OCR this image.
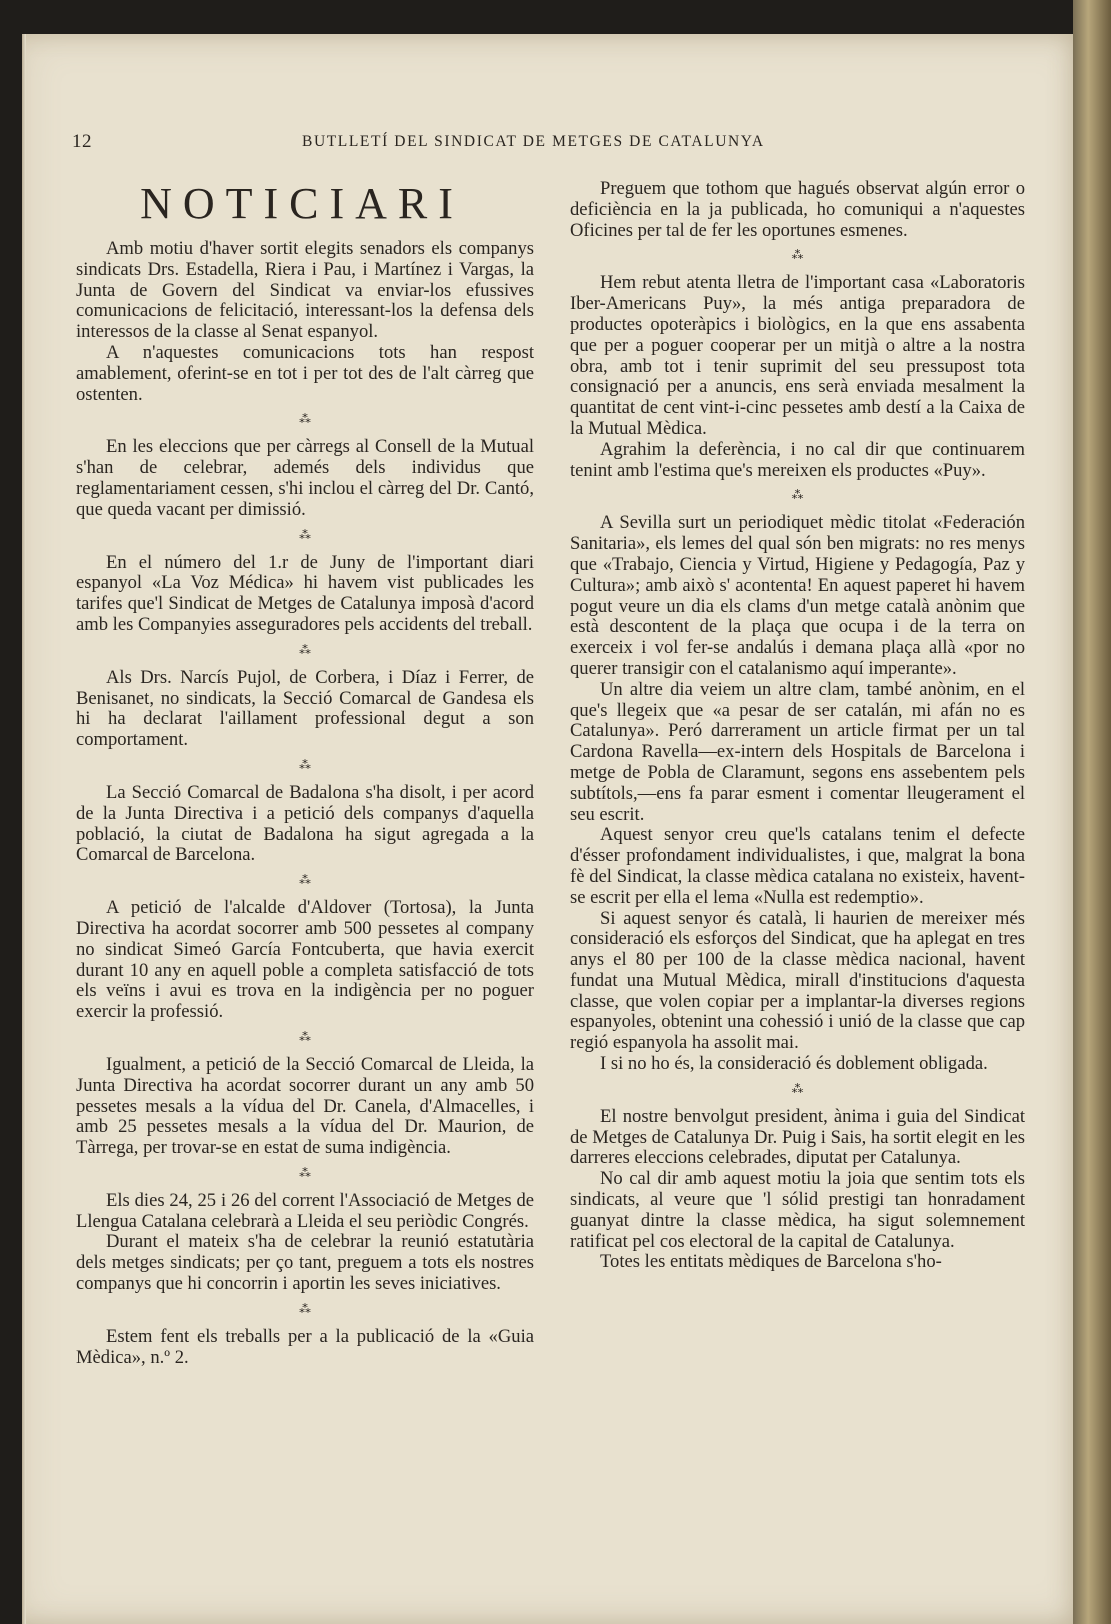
12	BUTLLETÍ DEL SINDICAT DE METGES DE CATALUNYA
NOTICIARI

Amb motiu d'haver sortit elegits senadors els companys sindicats Drs. Estadella, Riera i Pau, i Martínez i Vargas, la Junta de Govern del Sindicat va enviar-los efussives comunicacions de felicitació, interessant-los la defensa dels interessos de la classe al Senat espanyol.

A n'aquestes comunicacions tots han respost amablement, oferint-se en tot i per tot des de l'alt càrreg que ostenten.

⁂

En les eleccions que per càrregs al Consell de la Mutual s'han de celebrar, ademés dels individus que reglamentariament cessen, s'hi inclou el càrreg del Dr. Cantó, que queda vacant per dimissió.

⁂

En el número del 1.r de Juny de l'important diari espanyol «La Voz Médica» hi havem vist publicades les tarifes que'l Sindicat de Metges de Catalunya imposà d'acord amb les Companyies asseguradores pels accidents del treball.

⁂

Als Drs. Narcís Pujol, de Corbera, i Díaz i Ferrer, de Benisanet, no sindicats, la Secció Comarcal de Gandesa els hi ha declarat l'aillament professional degut a son comportament.

⁂

La Secció Comarcal de Badalona s'ha disolt, i per acord de la Junta Directiva i a petició dels companys d'aquella població, la ciutat de Badalona ha sigut agregada a la Comarcal de Barcelona.

⁂

A petició de l'alcalde d'Aldover (Tortosa), la Junta Directiva ha acordat socorrer amb 500 pessetes al company no sindicat Simeó García Fontcuberta, que havia exercit durant 10 any en aquell poble a completa satisfacció de tots els veïns i avui es trova en la indigència per no poguer exercir la professió.

⁂

Igualment, a petició de la Secció Comarcal de Lleida, la Junta Directiva ha acordat socorrer durant un any amb 50 pessetes mesals a la vídua del Dr. Canela, d'Almacelles, i amb 25 pessetes mesals a la vídua del Dr. Maurion, de Tàrrega, per trovar-se en estat de suma indigència.

⁂

Els dies 24, 25 i 26 del corrent l'Associació de Metges de Llengua Catalana celebrarà a Lleida el seu periòdic Congrés.

Durant el mateix s'ha de celebrar la reunió estatutària dels metges sindicats; per ço tant, preguem a tots els nostres companys que hi concorrin i aportin les seves iniciatives.

⁂

Estem fent els treballs per a la publicació de la «Guia Mèdica», n.º 2.

Preguem que tothom que hagués observat algún error o deficiència en la ja publicada, ho comuniqui a n'aquestes Oficines per tal de fer les oportunes esmenes.

⁂

Hem rebut atenta lletra de l'important casa «Laboratoris Iber-Americans Puy», la més antiga preparadora de productes opoteràpics i biològics, en la que ens assabenta que per a poguer cooperar per un mitjà o altre a la nostra obra, amb tot i tenir suprimit del seu pressupost tota consignació per a anuncis, ens serà enviada mesalment la quantitat de cent vint-i-cinc pessetes amb destí a la Caixa de la Mutual Mèdica.

Agrahim la deferència, i no cal dir que continuarem tenint amb l'estima que's mereixen els productes «Puy».

⁂

A Sevilla surt un periodiquet mèdic titolat «Federación Sanitaria», els lemes del qual són ben migrats: no res menys que «Trabajo, Ciencia y Virtud, Higiene y Pedagogía, Paz y Cultura»; amb això s' acontenta! En aquest paperet hi havem pogut veure un dia els clams d'un metge català anònim que està descontent de la plaça que ocupa i de la terra on exerceix i vol fer-se andalús i demana plaça allà «por no querer transigir con el catalanismo aquí imperante».

Un altre dia veiem un altre clam, també anònim, en el que's llegeix que «a pesar de ser catalán, mi afán no es Catalunya». Peró darrerament un article firmat per un tal Cardona Ravella—ex-intern dels Hospitals de Barcelona i metge de Pobla de Claramunt, segons ens assebentem pels subtítols,—ens fa parar esment i comentar lleugerament el seu escrit.

Aquest senyor creu que'ls catalans tenim el defecte d'ésser profondament individualistes, i que, malgrat la bona fè del Sindicat, la classe mèdica catalana no existeix, havent-se escrit per ella el lema «Nulla est redemptio».

Si aquest senyor és català, li haurien de mereixer més consideració els esforços del Sindicat, que ha aplegat en tres anys el 80 per 100 de la classe mèdica nacional, havent fundat una Mutual Mèdica, mirall d'institucions d'aquesta classe, que volen copiar per a implantar-la diverses regions espanyoles, obtenint una cohessió i unió de la classe que cap regió espanyola ha assolit mai.

I si no ho és, la consideració és doblement obligada.

⁂

El nostre benvolgut president, ànima i guia del Sindicat de Metges de Catalunya Dr. Puig i Sais, ha sortit elegit en les darreres eleccions celebrades, diputat per Catalunya.

No cal dir amb aquest motiu la joia que sentim tots els sindicats, al veure que 'l sólid prestigi tan honradament guanyat dintre la classe mèdica, ha sigut solemnement ratificat pel cos electoral de la capital de Catalunya.

Totes les entitats mèdiques de Barcelona s'ho-
